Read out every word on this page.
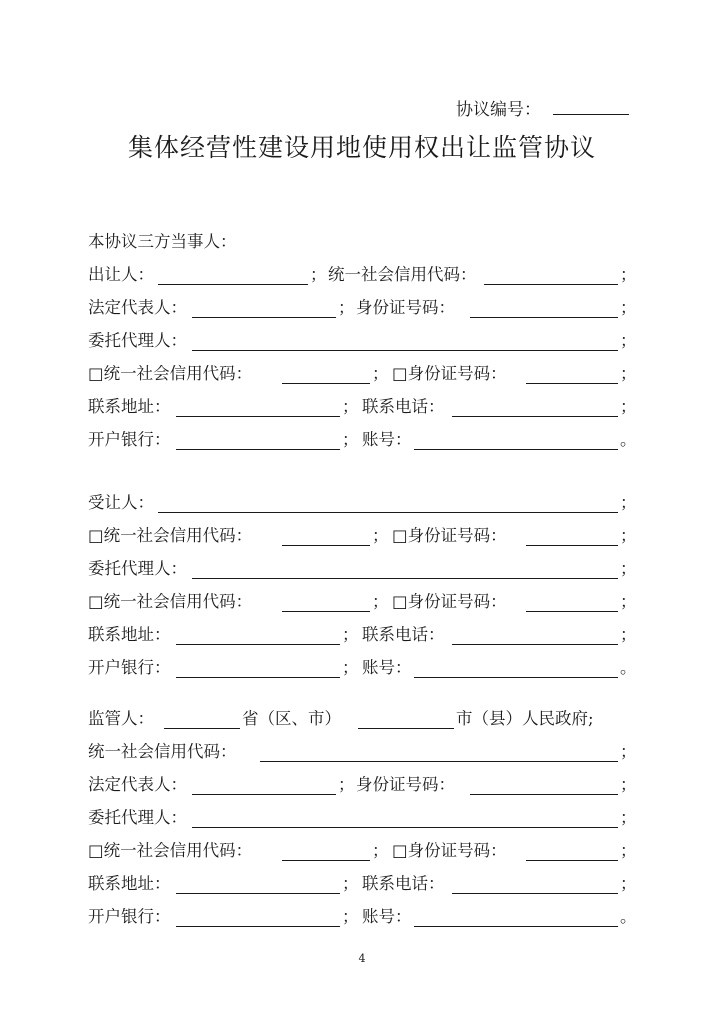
协议编号：
集体经营性建设用地使用权出让监管协议
本协议三方当事人：
出让人：	； 统一社会信用代码：	；
法定代表人：	； 身份证号码：	；
委托代理人：	；
□统一社会信用代码：	； □身份证号码：	；
联系地址：	； 联系电话：	；
开户银行：	； 账号：	。
受让人：	；
□统一社会信用代码：	； □身份证号码：	；
委托代理人：	；
□统一社会信用代码：	； □身份证号码：	；
联系地址：	； 联系电话：	；
开户银行：	； 账号：	。
监管人：	省（区、市）	市（县）人民政府;
统一社会信用代码：	；
法定代表人：	； 身份证号码：	；
委托代理人：	；
□统一社会信用代码：	； □身份证号码：	；
联系地址：	； 联系电话：	；
开户银行：	； 账号：	。
4
